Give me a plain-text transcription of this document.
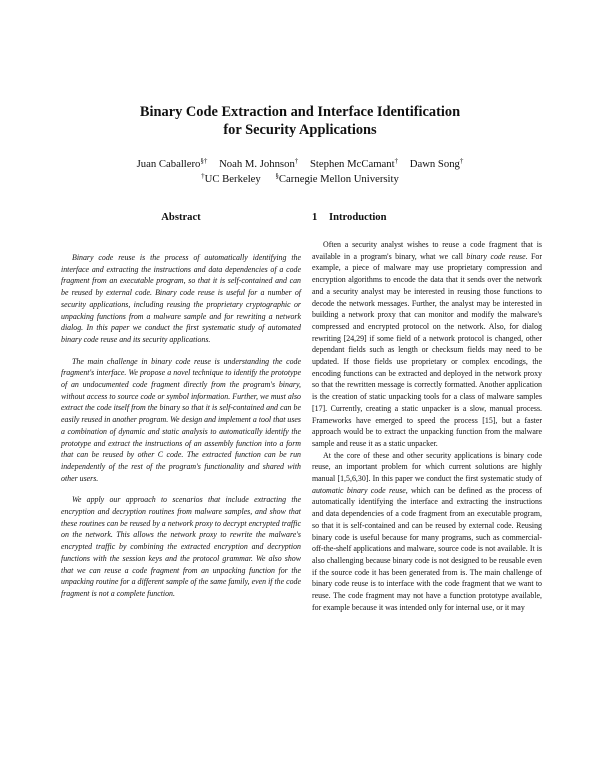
Binary Code Extraction and Interface Identification
for Security Applications
Juan Caballero§† Noah M. Johnson† Stephen McCamant† Dawn Song†
†UC Berkeley §Carnegie Mellon University
Abstract

Binary code reuse is the process of automatically identifying the interface and extracting the instructions and data dependencies of a code fragment from an executable program, so that it is self-contained and can be reused by external code. Binary code reuse is useful for a number of security applications, including reusing the proprietary cryptographic or unpacking functions from a malware sample and for rewriting a network dialog. In this paper we conduct the first systematic study of automated binary code reuse and its security applications.

The main challenge in binary code reuse is understanding the code fragment's interface. We propose a novel technique to identify the prototype of an undocumented code fragment directly from the program's binary, without access to source code or symbol information. Further, we must also extract the code itself from the binary so that it is self-contained and can be easily reused in another program. We design and implement a tool that uses a combination of dynamic and static analysis to automatically identify the prototype and extract the instructions of an assembly function into a form that can be reused by other C code. The extracted function can be run independently of the rest of the program's functionality and shared with other users.

We apply our approach to scenarios that include extracting the encryption and decryption routines from malware samples, and show that these routines can be reused by a network proxy to decrypt encrypted traffic on the network. This allows the network proxy to rewrite the malware's encrypted traffic by combining the extracted encryption and decryption functions with the session keys and the protocol grammar. We also show that we can reuse a code fragment from an unpacking function for the unpacking routine for a different sample of the same family, even if the code fragment is not a complete function.

1 Introduction

Often a security analyst wishes to reuse a code fragment that is available in a program's binary, what we call binary code reuse. For example, a piece of malware may use proprietary compression and encryption algorithms to encode the data that it sends over the network and a security analyst may be interested in reusing those functions to decode the network messages. Further, the analyst may be interested in building a network proxy that can monitor and modify the malware's compressed and encrypted protocol on the network. Also, for dialog rewriting [24,29] if some field of a network protocol is changed, other dependant fields such as length or checksum fields may need to be updated. If those fields use proprietary or complex encodings, the encoding functions can be extracted and deployed in the network proxy so that the rewritten message is correctly formatted. Another application is the creation of static unpacking tools for a class of malware samples [17]. Currently, creating a static unpacker is a slow, manual process. Frameworks have emerged to speed the process [15], but a faster approach would be to extract the unpacking function from the malware sample and reuse it as a static unpacker.

At the core of these and other security applications is binary code reuse, an important problem for which current solutions are highly manual [1,5,6,30]. In this paper we conduct the first systematic study of automatic binary code reuse, which can be defined as the process of automatically identifying the interface and extracting the instructions and data dependencies of a code fragment from an executable program, so that it is self-contained and can be reused by external code. Reusing binary code is useful because for many programs, such as commercial-off-the-shelf applications and malware, source code is not available. It is also challenging because binary code is not designed to be reusable even if the source code it has been generated from is. The main challenge of binary code reuse is to interface with the code fragment that we want to reuse. The code fragment may not have a function prototype available, for example because it was intended only for internal use, or it may
